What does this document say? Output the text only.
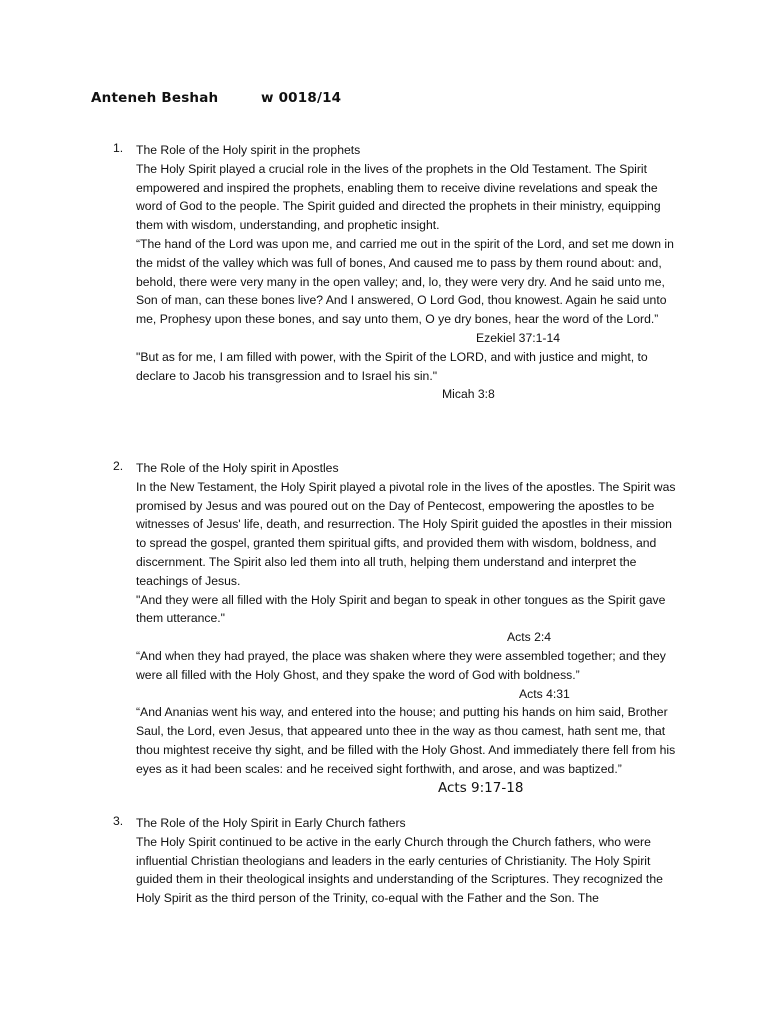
Anteneh Beshah	w 0018/14
1.	The Role of the Holy spirit in the prophets

The Holy Spirit played a crucial role in the lives of the prophets in the Old Testament. The Spirit empowered and inspired the prophets, enabling them to receive divine revelations and speak the word of God to the people. The Spirit guided and directed the prophets in their ministry, equipping them with wisdom, understanding, and prophetic insight.

“The hand of the Lord was upon me, and carried me out in the spirit of the Lord, and set me down in the midst of the valley which was full of bones, And caused me to pass by them round about: and, behold, there were very many in the open valley; and, lo, they were very dry. And he said unto me, Son of man, can these bones live? And I answered, O Lord God, thou knowest. Again he said unto me, Prophesy upon these bones, and say unto them, O ye dry bones, hear the word of the Lord.”

Ezekiel 37:1-14

"But as for me, I am filled with power, with the Spirit of the LORD, and with justice and might, to declare to Jacob his transgression and to Israel his sin."

Micah 3:8
2.	The Role of the Holy spirit in Apostles

In the New Testament, the Holy Spirit played a pivotal role in the lives of the apostles. The Spirit was promised by Jesus and was poured out on the Day of Pentecost, empowering the apostles to be witnesses of Jesus' life, death, and resurrection. The Holy Spirit guided the apostles in their mission to spread the gospel, granted them spiritual gifts, and provided them with wisdom, boldness, and discernment. The Spirit also led them into all truth, helping them understand and interpret the teachings of Jesus.

"And they were all filled with the Holy Spirit and began to speak in other tongues as the Spirit gave them utterance."

Acts 2:4

“And when they had prayed, the place was shaken where they were assembled together; and they were all filled with the Holy Ghost, and they spake the word of God with boldness.”

Acts 4:31

“And Ananias went his way, and entered into the house; and putting his hands on him said, Brother Saul, the Lord, even Jesus, that appeared unto thee in the way as thou camest, hath sent me, that thou mightest receive thy sight, and be filled with the Holy Ghost. And immediately there fell from his eyes as it had been scales: and he received sight forthwith, and arose, and was baptized.”

Acts 9:17-18
3.	The Role of the Holy Spirit in Early Church fathers

The Holy Spirit continued to be active in the early Church through the Church fathers, who were influential Christian theologians and leaders in the early centuries of Christianity. The Holy Spirit guided them in their theological insights and understanding of the Scriptures. They recognized the Holy Spirit as the third person of the Trinity, co-equal with the Father and the Son. The
